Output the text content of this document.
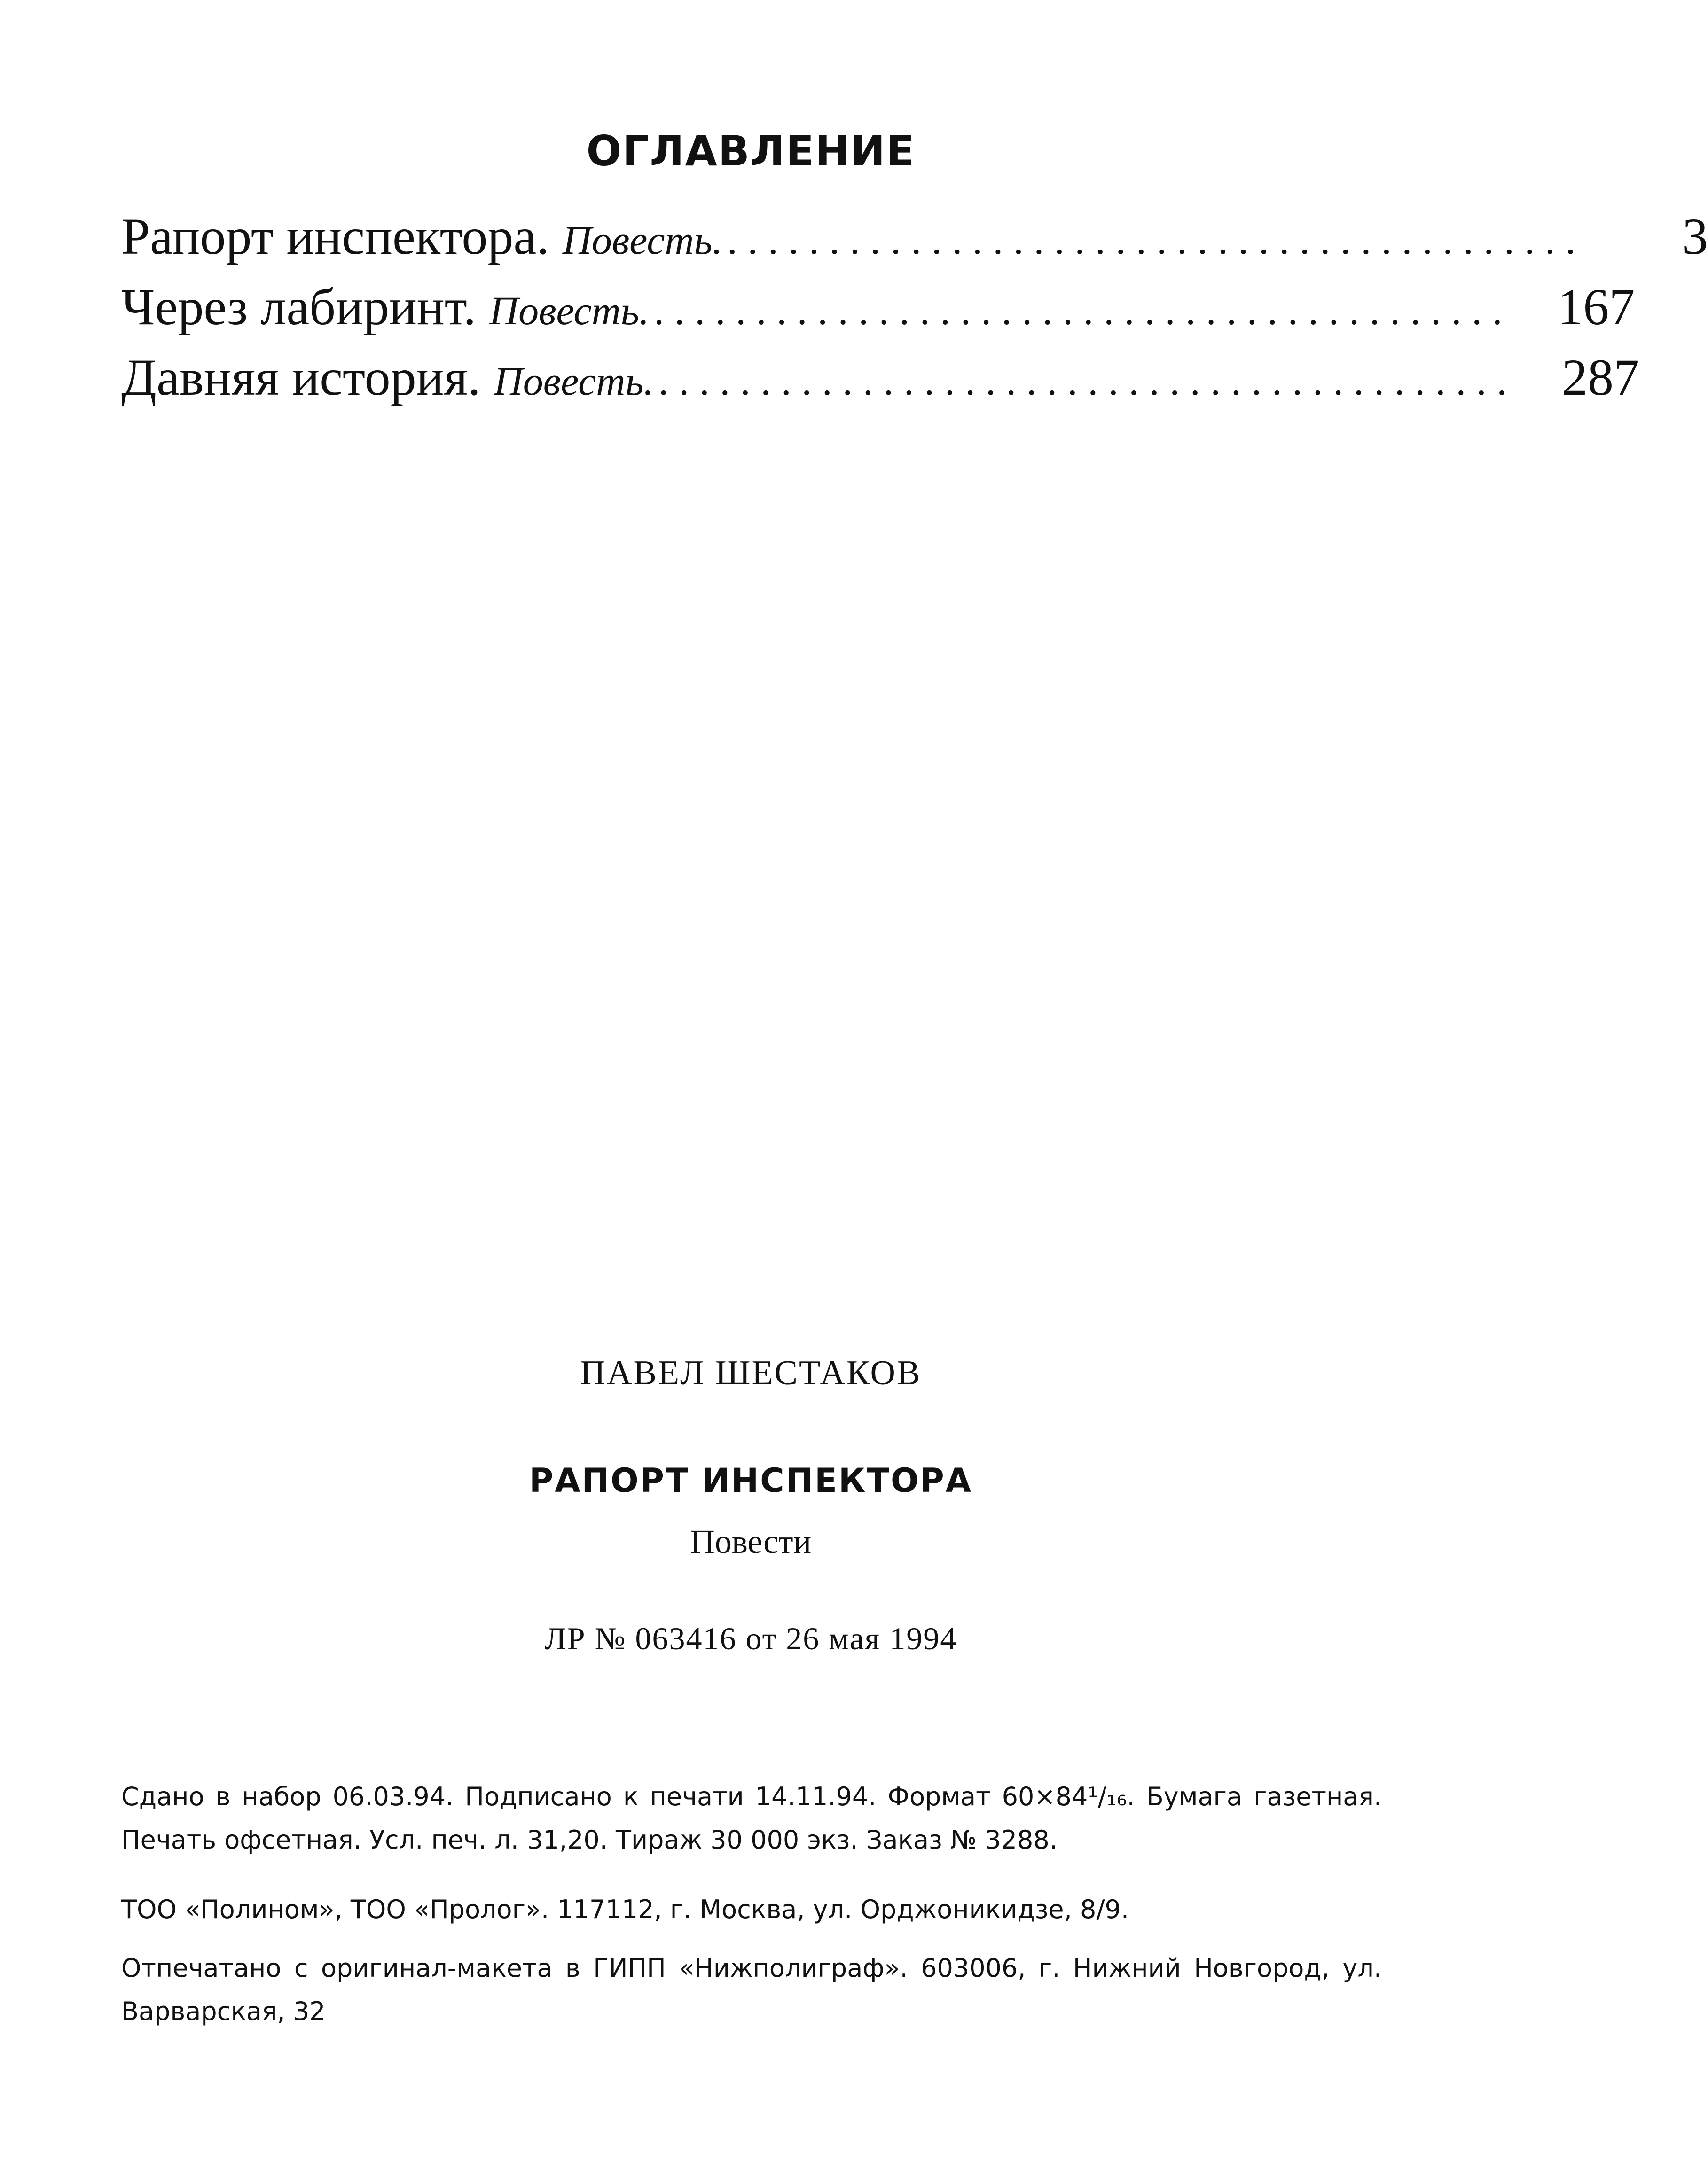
ОГЛАВЛЕНИЕ
Рапорт инспектора. Повесть. ..........................................	3
Через лабиринт. Повесть. .......................................... 167
Давняя история. Повесть. .......................................... 287
ПАВЕЛ ШЕСТАКОВ
РАПОРТ ИНСПЕКТОРА
Повести
ЛР № 063416 от 26 мая 1994
Сдано в набор 06.03.94. Подписано к печати 14.11.94. Формат 60×84¹/₁₆. Бумага газетная. Печать офсетная. Усл. печ. л. 31,20. Тираж 30 000 экз. Заказ № 3288.
ТОО «Полином», ТОО «Пролог». 117112, г. Москва, ул. Орджоникидзе, 8/9.
Отпечатано с оригинал-макета в ГИПП «Нижполиграф». 603006, г. Нижний Новгород, ул. Варварская, 32
